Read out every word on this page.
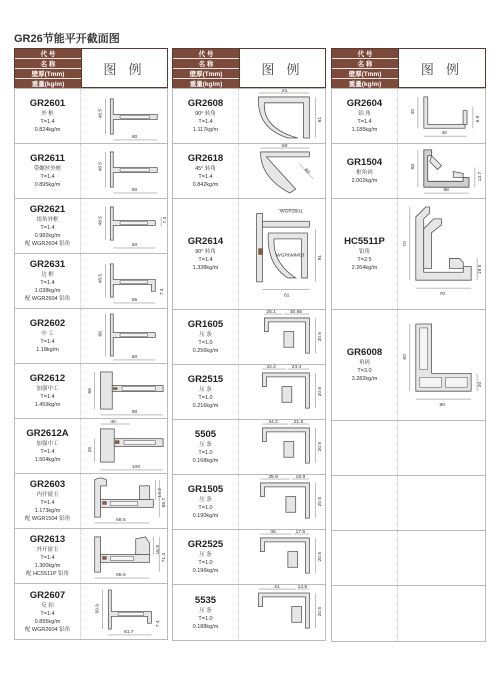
GR26节能平开截面图
代 号
名 称
壁厚(Tmm)
重量(kg/m)
图 例
GR2601
外 框
T=1.4
0.824kg/m
48.5
60
GR2611
带螺丝外框
T=1.4
0.895kg/m
48.5
60
GR2621
组角外框
T=1.4
0.982kg/m
配 WGR2604 铝角
48.5	7.4
60
GR2631
边 框
T=1.4
1.038kg/m
配 WGR2604 铝角
48.5
65
7.4
GR2602
中 工
T=1.4
1.18kg/m
66
60
GR2612
加强中工
T=1.4
1.459kg/m
66
90
GR2612A
加强中工
T=1.4
1.504kg/m
40
25
100
GR2603
内开窗玉
T=1.4
1.173kg/m
配 WGR1504 铝角
14.2
65.7
68.6
GR2613
外开窗玉
T=1.4
1.300kg/m
配 HC5511P 铝角
16.9
71.3
68.6
GR2607
反 扣
T=1.4
0.895kg/m
配 WGR2604 铝角
50.9
61.7
7.4
代 号
名 称
壁厚(Tmm)
重量(kg/m)
图 例
GR2608
90° 转角
T=1.4
1.117kg/m
61
61
GR2618
45° 转角
T=1.4
0.842kg/m
60
60
GR2614
90° 转角
T=1.4
1.338kg/m
WGR2601
WGR6MM03	91
61
GR1605
压 条
T=1.0
0.256kg/m
25.1	30.65
20.5
GR2515
压 条
T=1.0
0.216kg/m
32.4	23.4
20.5
5505
压 条
T=1.0
0.168kg/m
34.2	21.6
20.5
GR1505
压 条
T=1.0
0.190kg/m
35.9	19.9
20.5
GR2525
压 条
T=1.0
0.196kg/m
36	17.6
20.5
5535
压 条
T=1.0
0.188kg/m
41	14.8
20.5
代 号
名 称
壁厚(Tmm)
重量(kg/m)
图 例
GR2604
铝 角
T=1.4
1.185kg/m
40
6.9
40
GR1504
框角码
2.002kg/m
58
13.7
58
HC5511P
铝角
T=2.5
2.264kg/m
70
70
19.5
GR6008
角码
T=3.0
3.282kg/m
80
80
30
